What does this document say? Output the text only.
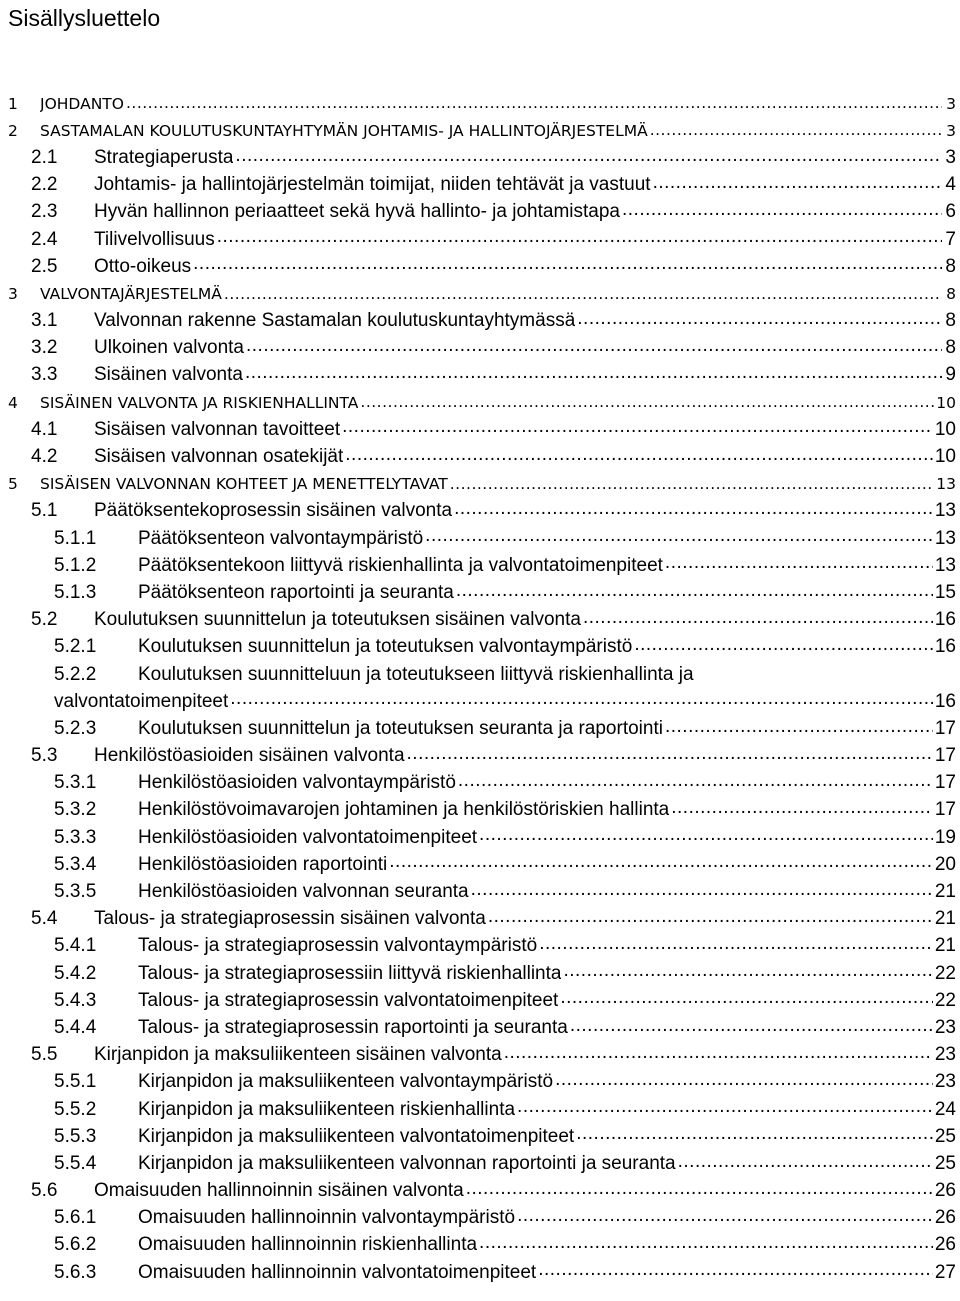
Sisällysluettelo
1	JOHDANTO .....	3
2	SASTAMALAN KOULUTUSKUNTAYHTYMÄN JOHTAMIS- JA HALLINTOJÄRJESTELMÄ .....	3
2.1	Strategiaperusta .....	3
2.2	Johtamis- ja hallintojärjestelmän toimijat, niiden tehtävät ja vastuut .....	4
2.3	Hyvän hallinnon periaatteet sekä hyvä hallinto- ja johtamistapa .....	6
2.4	Tilivelvollisuus .....	7
2.5	Otto-oikeus .....	8
3	VALVONTAJÄRJESTELMÄ .....	8
3.1	Valvonnan rakenne Sastamalan koulutuskuntayhtymässä .....	8
3.2	Ulkoinen valvonta .....	8
3.3	Sisäinen valvonta .....	9
4	SISÄINEN VALVONTA JA RISKIENHALLINTA .....	10
4.1	Sisäisen valvonnan tavoitteet .....	10
4.2	Sisäisen valvonnan osatekijät .....	10
5	SISÄISEN VALVONNAN KOHTEET JA MENETTELYTAVAT .....	13
5.1	Päätöksentekoprosessin sisäinen valvonta .....	13
5.1.1	Päätöksenteon valvontaympäristö .....	13
5.1.2	Päätöksentekoon liittyvä riskienhallinta ja valvontatoimenpiteet .....	13
5.1.3	Päätöksenteon raportointi ja seuranta .....	15
5.2	Koulutuksen suunnittelun ja toteutuksen sisäinen valvonta .....	16
5.2.1	Koulutuksen suunnittelun ja toteutuksen valvontaympäristö .....	16
5.2.2	Koulutuksen suunnitteluun ja toteutukseen liittyvä riskienhallinta ja
valvontatoimenpiteet .....	16
5.2.3	Koulutuksen suunnittelun ja toteutuksen seuranta ja raportointi .....	17
5.3	Henkilöstöasioiden sisäinen valvonta .....	17
5.3.1	Henkilöstöasioiden valvontaympäristö .....	17
5.3.2	Henkilöstövoimavarojen johtaminen ja henkilöstöriskien hallinta .....	17
5.3.3	Henkilöstöasioiden valvontatoimenpiteet .....	19
5.3.4	Henkilöstöasioiden raportointi .....	20
5.3.5	Henkilöstöasioiden valvonnan seuranta .....	21
5.4	Talous- ja strategiaprosessin sisäinen valvonta .....	21
5.4.1	Talous- ja strategiaprosessin valvontaympäristö .....	21
5.4.2	Talous- ja strategiaprosessiin liittyvä riskienhallinta .....	22
5.4.3	Talous- ja strategiaprosessin valvontatoimenpiteet .....	22
5.4.4	Talous- ja strategiaprosessin raportointi ja seuranta .....	23
5.5	Kirjanpidon ja maksuliikenteen sisäinen valvonta .....	23
5.5.1	Kirjanpidon ja maksuliikenteen valvontaympäristö .....	23
5.5.2	Kirjanpidon ja maksuliikenteen riskienhallinta .....	24
5.5.3	Kirjanpidon ja maksuliikenteen valvontatoimenpiteet .....	25
5.5.4	Kirjanpidon ja maksuliikenteen valvonnan raportointi ja seuranta .....	25
5.6	Omaisuuden hallinnoinnin sisäinen valvonta .....	26
5.6.1	Omaisuuden hallinnoinnin valvontaympäristö .....	26
5.6.2	Omaisuuden hallinnoinnin riskienhallinta .....	26
5.6.3	Omaisuuden hallinnoinnin valvontatoimenpiteet .....	27
